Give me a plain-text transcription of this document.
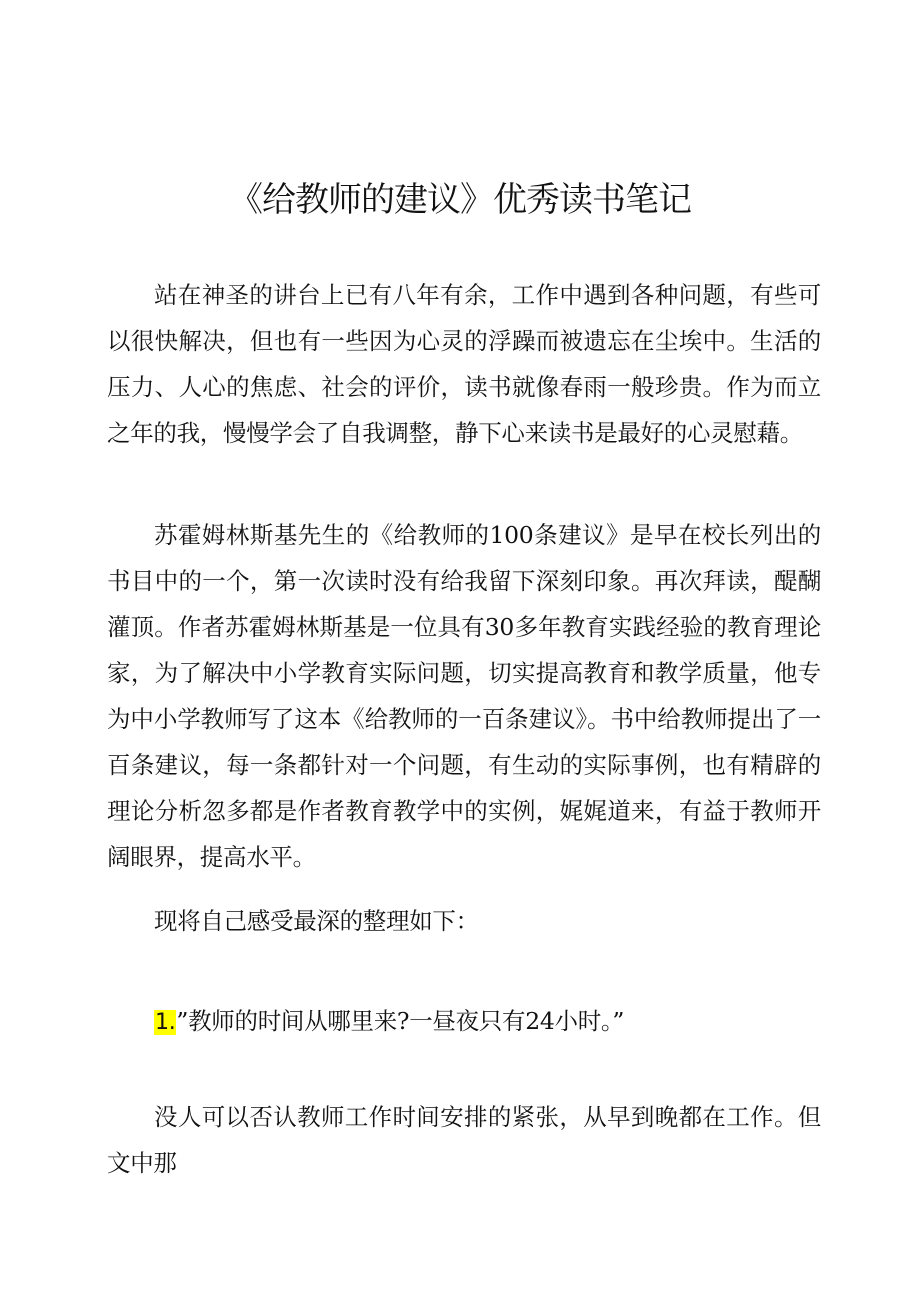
《给教师的建议》优秀读书笔记

站在神圣的讲台上已有八年有余，工作中遇到各种问题，有些可以很快解决，但也有一些因为心灵的浮躁而被遗忘在尘埃中。生活的压力、人心的焦虑、社会的评价，读书就像春雨一般珍贵。作为而立之年的我，慢慢学会了自我调整，静下心来读书是最好的心灵慰藉。

苏霍姆林斯基先生的《给教师的100条建议》是早在校长列出的书目中的一个，第一次读时没有给我留下深刻印象。再次拜读，醍醐灌顶。作者苏霍姆林斯基是一位具有30多年教育实践经验的教育理论家，为了解决中小学教育实际问题，切实提高教育和教学质量，他专为中小学教师写了这本《给教师的一百条建议》。书中给教师提出了一百条建议，每一条都针对一个问题，有生动的实际事例，也有精辟的理论分析忽多都是作者教育教学中的实例，娓娓道来，有益于教师开阔眼界，提高水平。

现将自己感受最深的整理如下：

1.”教师的时间从哪里来?一昼夜只有24小时。”

没人可以否认教师工作时间安排的紧张，从早到晚都在工作。但文中那
